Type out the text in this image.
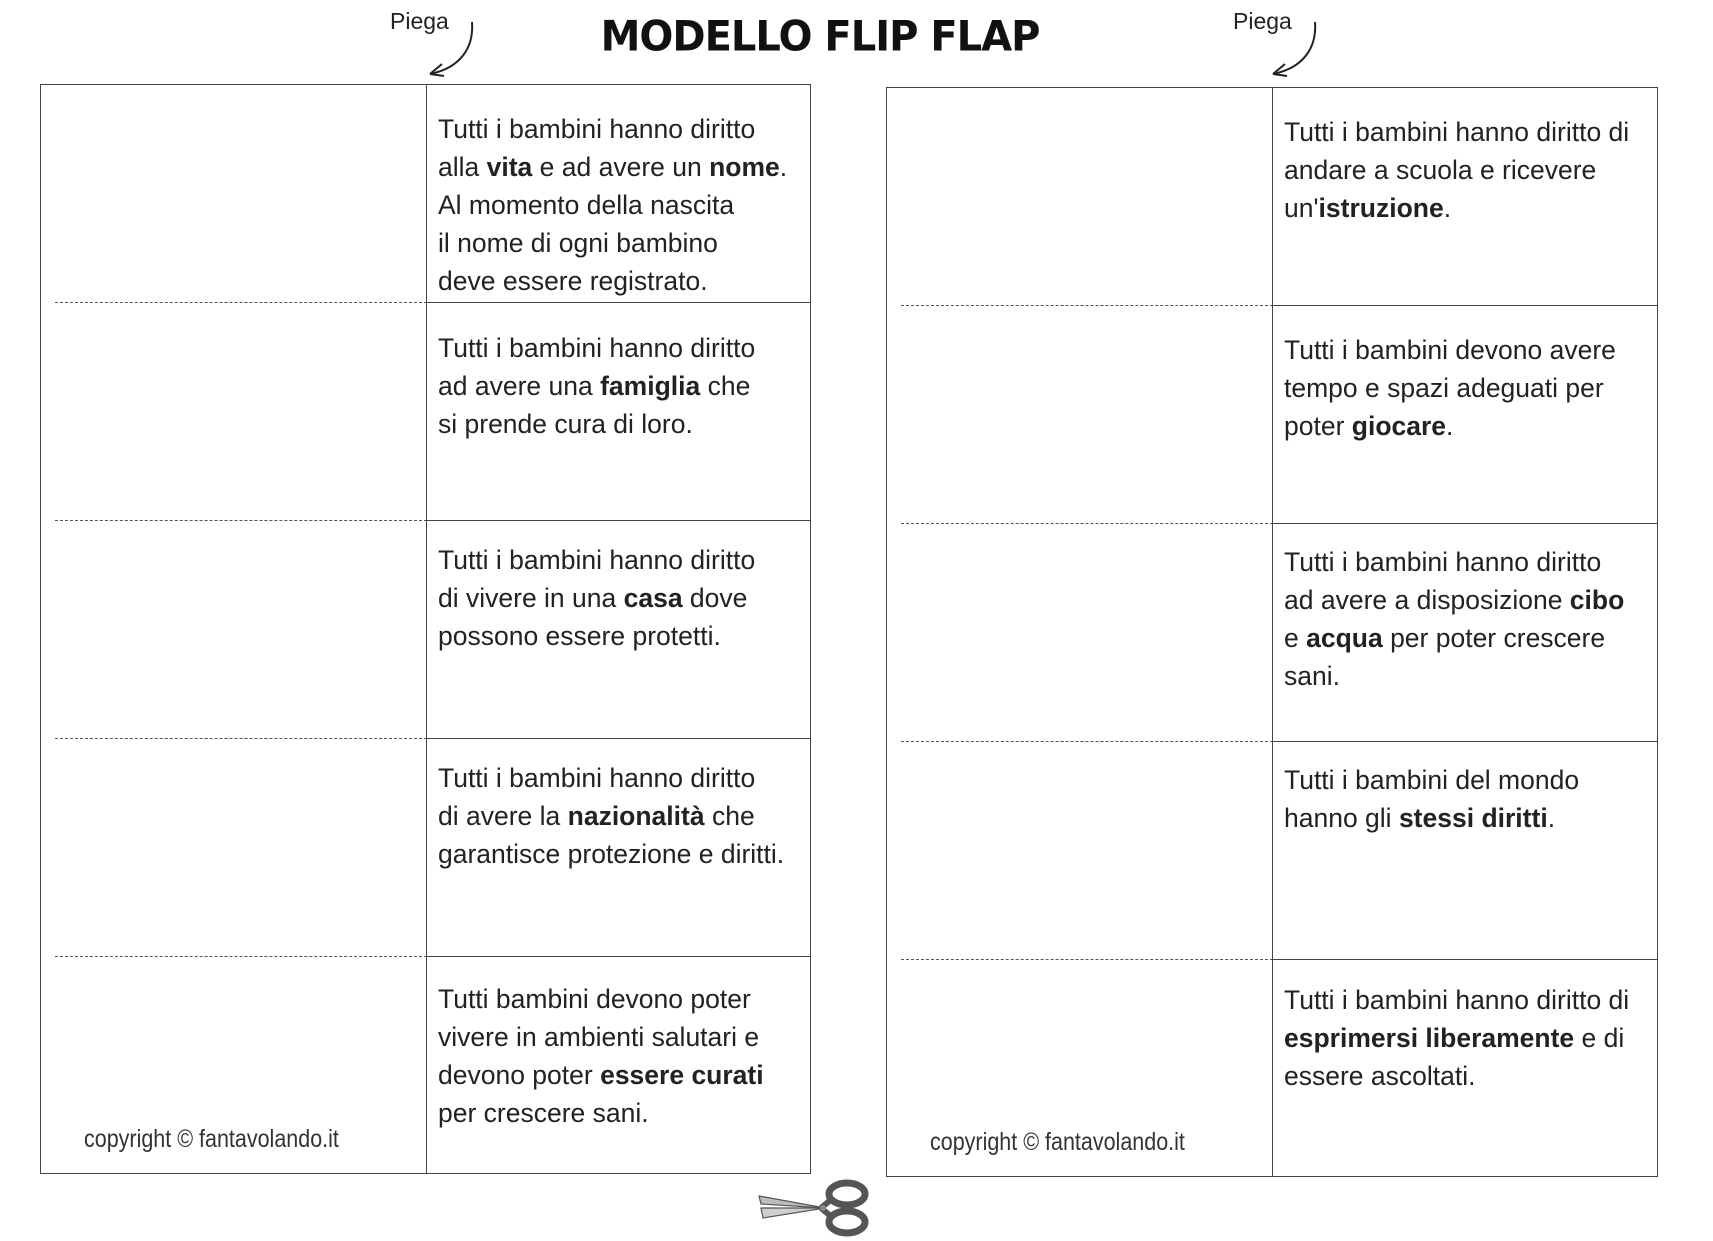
MODELLO FLIP FLAP
Piega	Piega
Tutti i bambini hanno diritto
alla vita e ad avere un nome.
Al momento della nascita
il nome di ogni bambino
deve essere registrato.
Tutti i bambini hanno diritto
ad avere una famiglia che
si prende cura di loro.
Tutti i bambini hanno diritto
di vivere in una casa dove
possono essere protetti.
Tutti i bambini hanno diritto
di avere la nazionalità che
garantisce protezione e diritti.
Tutti bambini devono poter
vivere in ambienti salutari e
devono poter essere curati
per crescere sani.
copyright © fantavolando.it
Tutti i bambini hanno diritto di
andare a scuola e ricevere
un'istruzione.
Tutti i bambini devono avere
tempo e spazi adeguati per
poter giocare.
Tutti i bambini hanno diritto
ad avere a disposizione cibo
e acqua per poter crescere
sani.
Tutti i bambini del mondo
hanno gli stessi diritti.
Tutti i bambini hanno diritto di
esprimersi liberamente e di
essere ascoltati.
copyright © fantavolando.it
